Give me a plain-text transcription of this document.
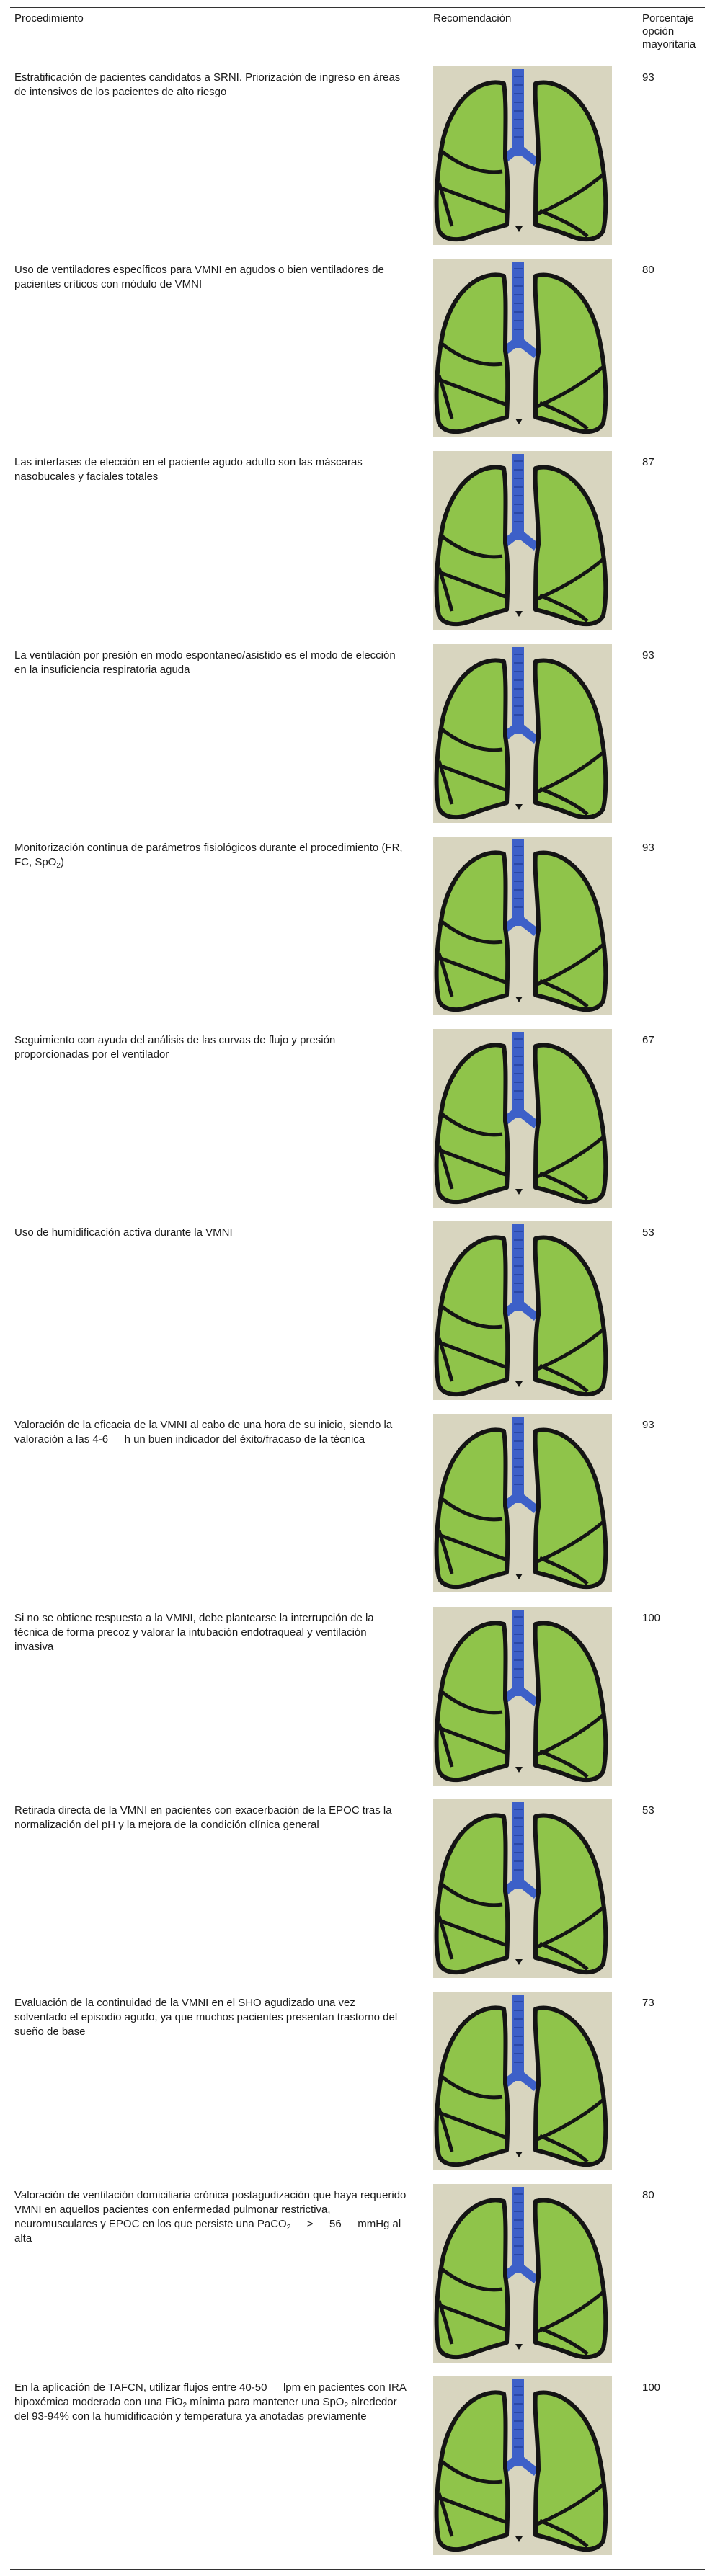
Procedimiento	Recomendación	Porcentaje
opción
mayoritaria
Estratificación de pacientes candidatos a SRNI. Priorización de ingreso en áreas de intensivos de los pacientes de alto riesgo
93
Uso de ventiladores específicos para VMNI en agudos o bien ventiladores de pacientes críticos con módulo de VMNI
80
Las interfases de elección en el paciente agudo adulto son las máscaras nasobucales y faciales totales
87
La ventilación por presión en modo espontaneo/asistido es el modo de elección en la insuficiencia respiratoria aguda
93
Monitorización continua de parámetros fisiológicos durante el procedimiento (FR, FC, SpO$_2$)
93
Seguimiento con ayuda del análisis de las curvas de flujo y presión proporcionadas por el ventilador
67
Uso de humidificación activa durante la VMNI	53
Valoración de la eficacia de la VMNI al cabo de una hora de su inicio, siendo la valoración a las 4-6   h un buen indicador del éxito/fracaso de la técnica
93
Si no se obtiene respuesta a la VMNI, debe plantearse la interrupción de la técnica de forma precoz y valorar la intubación endotraqueal y ventilación invasiva
100
Retirada directa de la VMNI en pacientes con exacerbación de la EPOC tras la normalización del pH y la mejora de la condición clínica general
53
Evaluación de la continuidad de la VMNI en el SHO agudizado una vez solventado el episodio agudo, ya que muchos pacientes presentan trastorno del sueño de base
73
Valoración de ventilación domiciliaria crónica postagudización que haya requerido VMNI en aquellos pacientes con enfermedad pulmonar restrictiva, neuromusculares y EPOC en los que persiste una PaCO$_2$   >   56   mmHg al alta
80
En la aplicación de TAFCN, utilizar flujos entre 40-50   lpm en pacientes con IRA hipoxémica moderada con una FiO$_2$ mínima para mantener una SpO$_2$ alrededor del 93-94% con la humidificación y temperatura ya anotadas previamente
100
